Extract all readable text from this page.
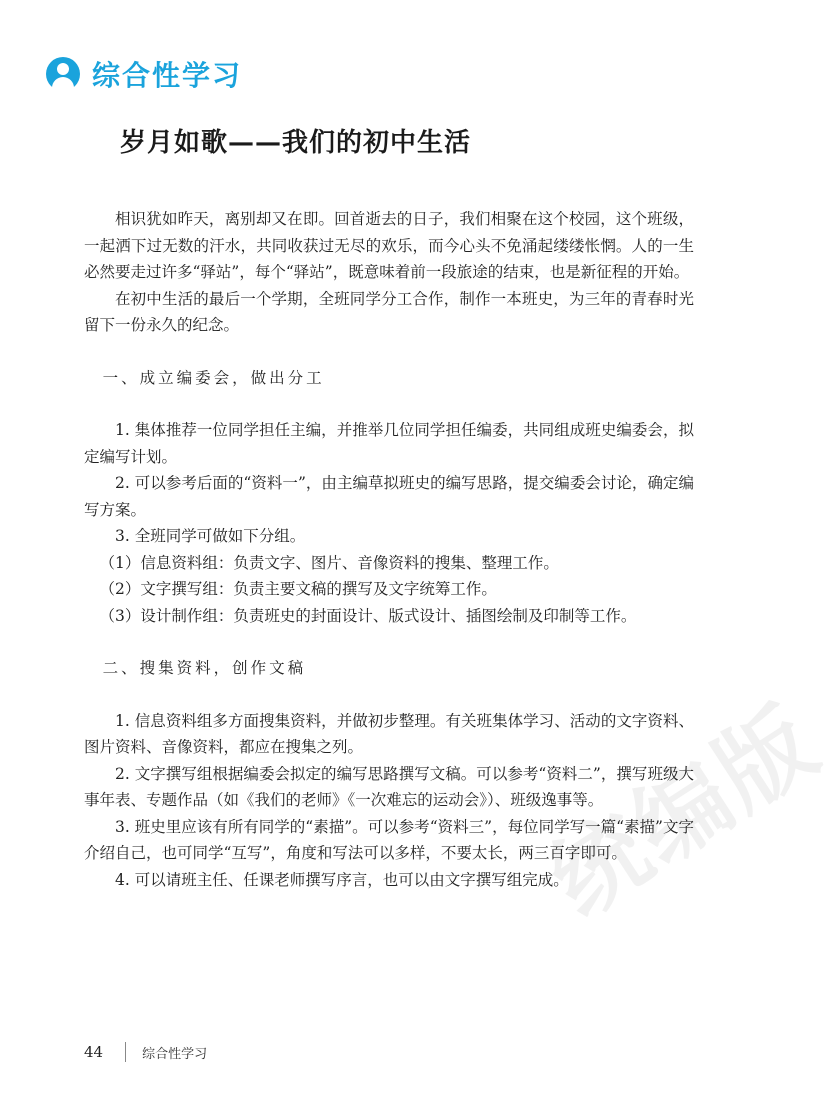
综合性学习
岁月如歌——我们的初中生活

相识犹如昨天，离别却又在即。回首逝去的日子，我们相聚在这个校园，这个班级，一起洒下过无数的汗水，共同收获过无尽的欢乐，而今心头不免涌起缕缕怅惘。人的一生必然要走过许多“驿站”，每个“驿站”，既意味着前一段旅途的结束，也是新征程的开始。

在初中生活的最后一个学期，全班同学分工合作，制作一本班史，为三年的青春时光留下一份永久的纪念。

一、成立编委会，做出分工

1. 集体推荐一位同学担任主编，并推举几位同学担任编委，共同组成班史编委会，拟定编写计划。

2. 可以参考后面的“资料一”，由主编草拟班史的编写思路，提交编委会讨论，确定编写方案。

3. 全班同学可做如下分组。

（1）信息资料组：负责文字、图片、音像资料的搜集、整理工作。

（2）文字撰写组：负责主要文稿的撰写及文字统筹工作。

（3）设计制作组：负责班史的封面设计、版式设计、插图绘制及印制等工作。

二、搜集资料，创作文稿

1. 信息资料组多方面搜集资料，并做初步整理。有关班集体学习、活动的文字资料、图片资料、音像资料，都应在搜集之列。

2. 文字撰写组根据编委会拟定的编写思路撰写文稿。可以参考“资料二”，撰写班级大事年表、专题作品（如《我们的老师》《一次难忘的运动会》）、班级逸事等。

3. 班史里应该有所有同学的“素描”。可以参考“资料三”，每位同学写一篇“素描”文字介绍自己，也可同学“互写”，角度和写法可以多样，不要太长，两三百字即可。

4. 可以请班主任、任课老师撰写序言，也可以由文字撰写组完成。

44	综合性学习
统编版
